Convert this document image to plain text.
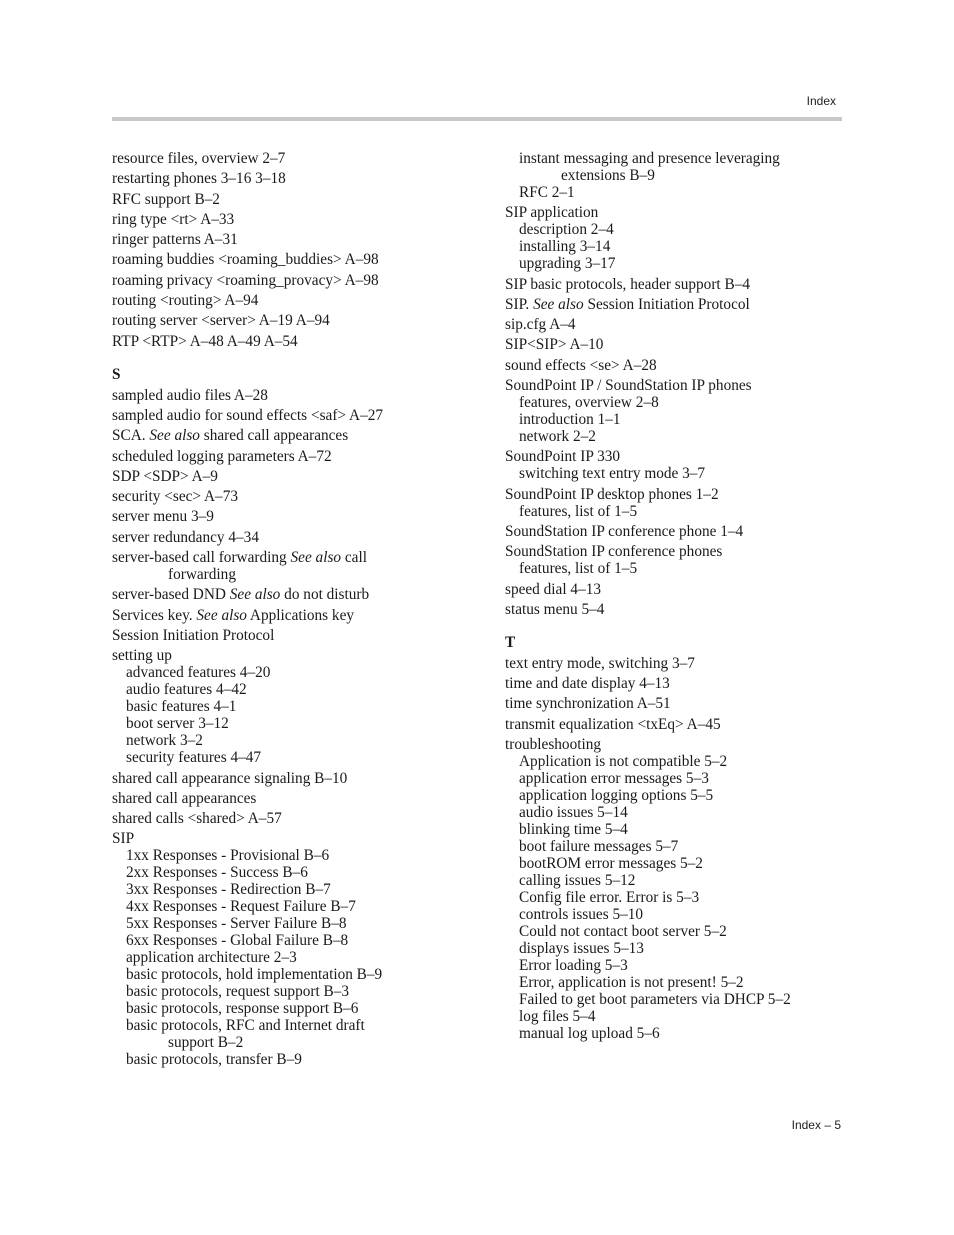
Index
resource files, overview 2–7
restarting phones 3–16 3–18
RFC support B–2
ring type <rt> A–33
ringer patterns A–31
roaming buddies <roaming_buddies> A–98
roaming privacy <roaming_provacy> A–98
routing <routing> A–94
routing server <server> A–19 A–94
RTP <RTP> A–48 A–49 A–54
S
sampled audio files A–28
sampled audio for sound effects <saf> A–27
SCA. See also shared call appearances
scheduled logging parameters A–72
SDP <SDP> A–9
security <sec> A–73
server menu 3–9
server redundancy 4–34
server-based call forwarding See also call
forwarding
server-based DND See also do not disturb
Services key. See also Applications key
Session Initiation Protocol
setting up
advanced features 4–20
audio features 4–42
basic features 4–1
boot server 3–12
network 3–2
security features 4–47
shared call appearance signaling B–10
shared call appearances
shared calls <shared> A–57
SIP
1xx Responses - Provisional B–6
2xx Responses - Success B–6
3xx Responses - Redirection B–7
4xx Responses - Request Failure B–7
5xx Responses - Server Failure B–8
6xx Responses - Global Failure B–8
application architecture 2–3
basic protocols, hold implementation B–9
basic protocols, request support B–3
basic protocols, response support B–6
basic protocols, RFC and Internet draft
support B–2
basic protocols, transfer B–9
instant messaging and presence leveraging
extensions B–9
RFC 2–1
SIP application
description 2–4
installing 3–14
upgrading 3–17
SIP basic protocols, header support B–4
SIP. See also Session Initiation Protocol
sip.cfg A–4
SIP<SIP> A–10
sound effects <se> A–28
SoundPoint IP / SoundStation IP phones
features, overview 2–8
introduction 1–1
network 2–2
SoundPoint IP 330
switching text entry mode 3–7
SoundPoint IP desktop phones 1–2
features, list of 1–5
SoundStation IP conference phone 1–4
SoundStation IP conference phones
features, list of 1–5
speed dial 4–13
status menu 5–4
T
text entry mode, switching 3–7
time and date display 4–13
time synchronization A–51
transmit equalization <txEq> A–45
troubleshooting
Application is not compatible 5–2
application error messages 5–3
application logging options 5–5
audio issues 5–14
blinking time 5–4
boot failure messages 5–7
bootROM error messages 5–2
calling issues 5–12
Config file error. Error is 5–3
controls issues 5–10
Could not contact boot server 5–2
displays issues 5–13
Error loading 5–3
Error, application is not present! 5–2
Failed to get boot parameters via DHCP 5–2
log files 5–4
manual log upload 5–6
Index – 5
